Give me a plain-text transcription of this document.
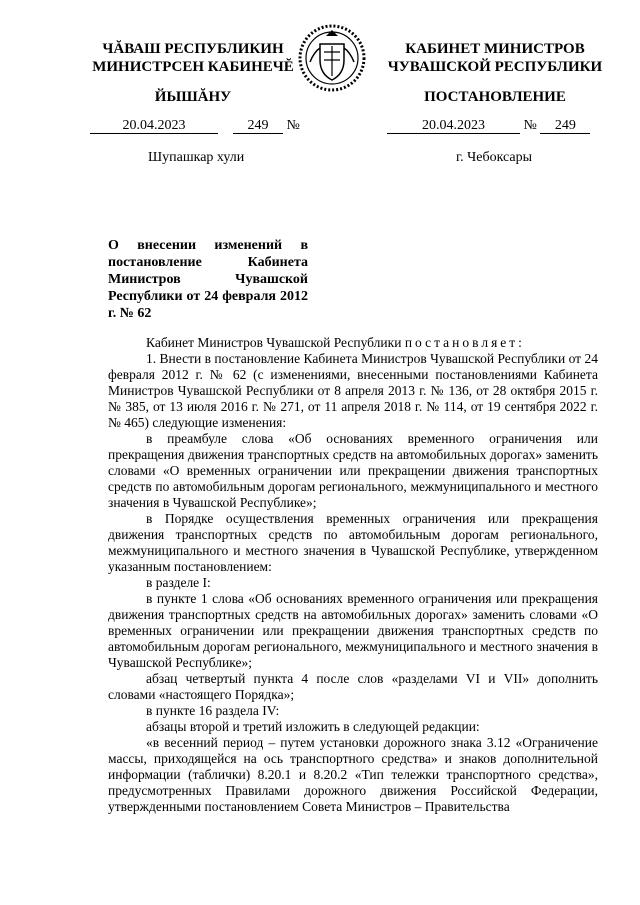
ЧĂВАШ РЕСПУБЛИКИН
МИНИСТРСЕН КАБИНЕЧĔ
ЙЫШĂНУ
КАБИНЕТ МИНИСТРОВ
ЧУВАШСКОЙ РЕСПУБЛИКИ
ПОСТАНОВЛЕНИЕ
20.04.2023	249 №	20.04.2023	№ 249
Шупашкар хули	г. Чебоксары
О внесении изменений в постановление Кабинета Министров Чувашской Республики от 24 февраля 2012 г. № 62

Кабинет Министров Чувашской Республики постановляет:

1. Внести в постановление Кабинета Министров Чувашской Республики от 24 февраля 2012 г. № 62 (с изменениями, внесенными постановлениями Кабинета Министров Чувашской Республики от 8 апреля 2013 г. № 136, от 28 октября 2015 г. № 385, от 13 июля 2016 г. № 271, от 11 апреля 2018 г. № 114, от 19 сентября 2022 г. № 465) следующие изменения:

в преамбуле слова «Об основаниях временного ограничения или прекращения движения транспортных средств на автомобильных дорогах» заменить словами «О временных ограничении или прекращении движения транспортных средств по автомобильным дорогам регионального, межмуниципального и местного значения в Чувашской Республике»;

в Порядке осуществления временных ограничения или прекращения движения транспортных средств по автомобильным дорогам регионального, межмуниципального и местного значения в Чувашской Республике, утвержденном указанным постановлением:

в разделе I:

в пункте 1 слова «Об основаниях временного ограничения или прекращения движения транспортных средств на автомобильных дорогах» заменить словами «О временных ограничении или прекращении движения транспортных средств по автомобильным дорогам регионального, межмуниципального и местного значения в Чувашской Республике»;

абзац четвертый пункта 4 после слов «разделами VI и VII» дополнить словами «настоящего Порядка»;

в пункте 16 раздела IV:

абзацы второй и третий изложить в следующей редакции:

«в весенний период – путем установки дорожного знака 3.12 «Ограничение массы, приходящейся на ось транспортного средства» и знаков дополнительной информации (таблички) 8.20.1 и 8.20.2 «Тип тележки транспортного средства», предусмотренных Правилами дорожного движения Российской Федерации, утвержденными постановлением Совета Министров – Правительства
